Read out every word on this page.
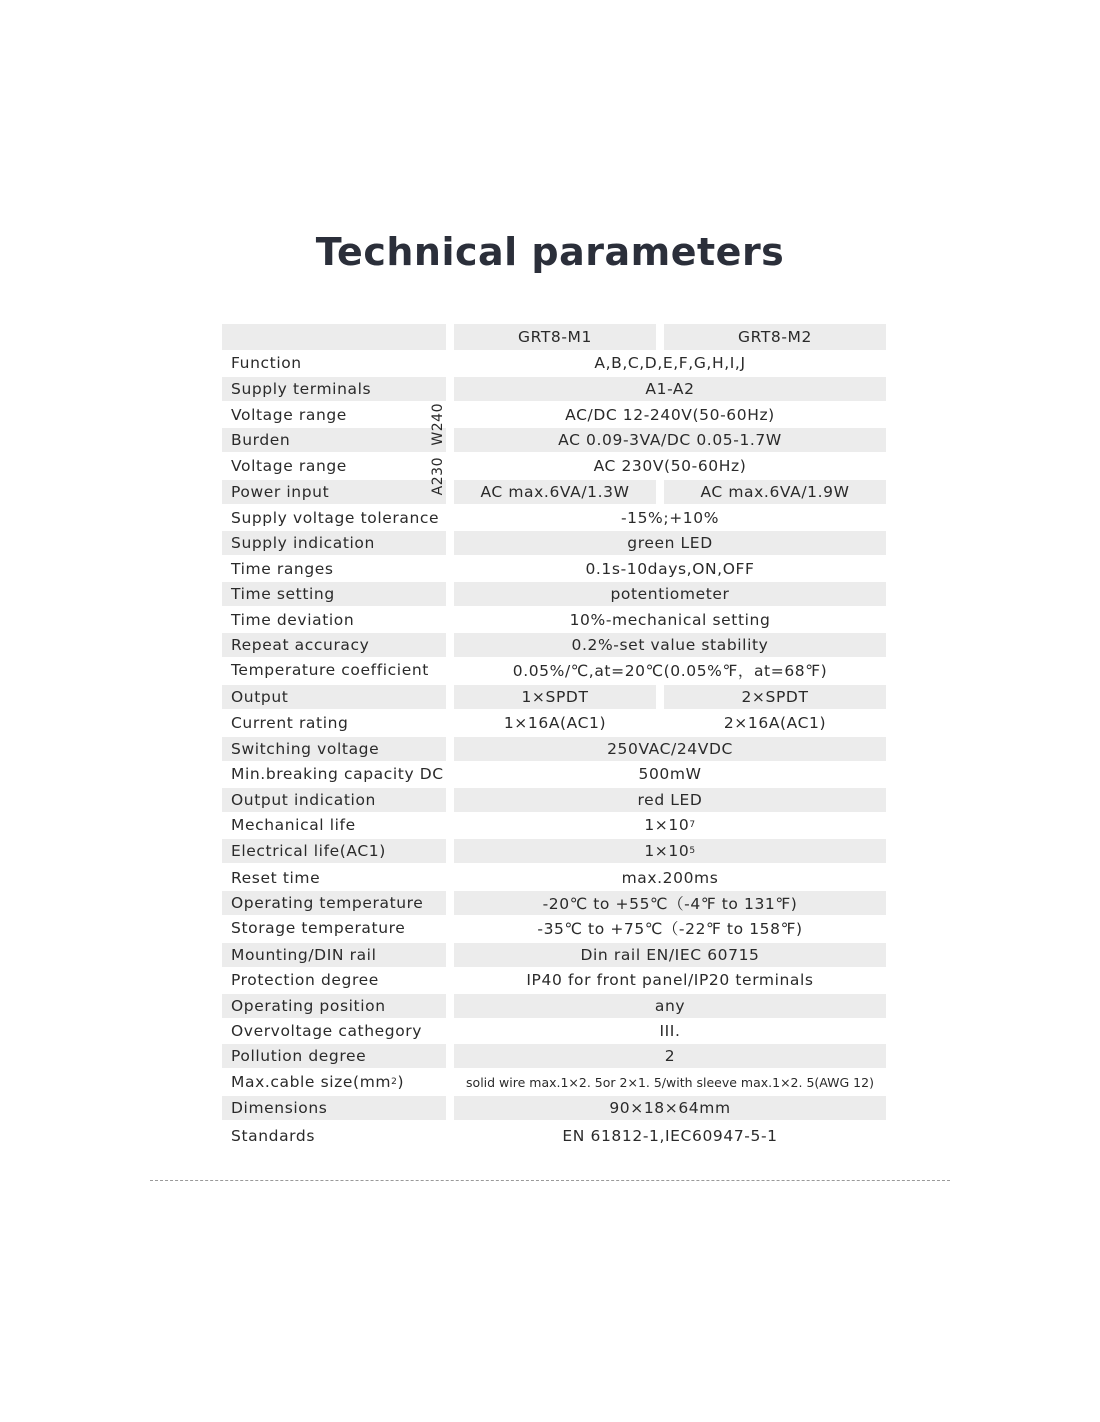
Technical parameters
GRT8-M1	GRT8-M2
Function	A,B,C,D,E,F,G,H,I,J
Supply terminals	A1-A2
Voltage range	AC/DC 12-240V(50-60Hz)
Burden	AC 0.09-3VA/DC 0.05-1.7W
Voltage range	AC 230V(50-60Hz)
Power input	AC max.6VA/1.3W	AC max.6VA/1.9W
Supply voltage tolerance	-15%;+10%
Supply indication	green LED
Time ranges	0.1s-10days,ON,OFF
Time setting	potentiometer
Time deviation	10%-mechanical setting
Repeat accuracy	0.2%-set value stability
Temperature coefficient	0.05%/℃,at=20℃(0.05%℉，at=68℉)
Output	1×SPDT	2×SPDT
Current rating	1×16A(AC1)	2×16A(AC1)
Switching voltage	250VAC/24VDC
Min.breaking capacity DC	500mW
Output indication	red LED
Mechanical life	1×10 7
Electrical life(AC1)	1×10 5
Reset time	max.200ms
Operating temperature	-20℃ to +55℃（-4℉ to 131℉)
Storage temperature	-35℃ to +75℃（-22℉ to 158℉)
Mounting/DIN rail	Din rail EN/IEC 60715
Protection degree	IP40 for front panel/IP20 terminals
Operating position	any
Overvoltage cathegory	III.
Pollution degree	2
Max.cable size(mm 2 )	solid wire max.1×2. 5or 2×1. 5/with sleeve max.1×2. 5(AWG 12)
Dimensions	90×18×64mm
Standards	EN 61812-1,IEC60947-5-1
W240
A230
